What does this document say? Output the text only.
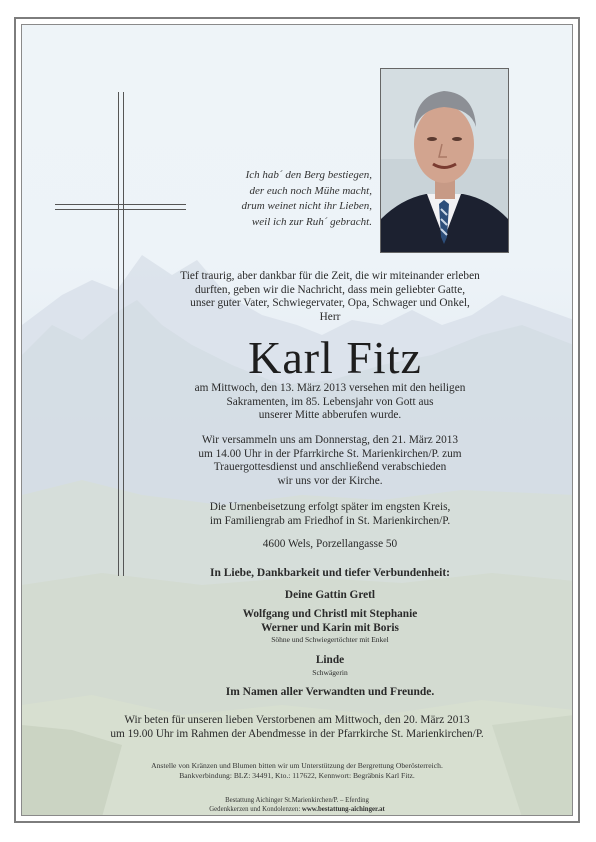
Ich hab´ den Berg bestiegen,
der euch noch Mühe macht,
drum weinet nicht ihr Lieben,
weil ich zur Ruh´ gebracht.
Tief traurig, aber dankbar für die Zeit, die wir miteinander erleben
durften, geben wir die Nachricht, dass mein geliebter Gatte,
unser guter Vater, Schwiegervater, Opa, Schwager und Onkel,
Herr
Karl Fitz
am Mittwoch, den 13. März 2013 versehen mit den heiligen
Sakramenten, im 85. Lebensjahr von Gott aus
unserer Mitte abberufen wurde.
Wir versammeln uns am Donnerstag, den 21. März 2013
um 14.00 Uhr in der Pfarrkirche St. Marienkirchen/P. zum
Trauergottesdienst und anschließend verabschieden
wir uns vor der Kirche.
Die Urnenbeisetzung erfolgt später im engsten Kreis,
im Familiengrab am Friedhof in St. Marienkirchen/P.
4600 Wels, Porzellangasse 50
In Liebe, Dankbarkeit und tiefer Verbundenheit:
Deine Gattin Gretl
Wolfgang und Christl mit Stephanie
Werner und Karin mit Boris
Söhne und Schwiegertöchter mit Enkel
Linde
Schwägerin
Im Namen aller Verwandten und Freunde.
Wir beten für unseren lieben Verstorbenen am Mittwoch, den 20. März 2013
um 19.00 Uhr im Rahmen der Abendmesse in der Pfarrkirche St. Marienkirchen/P.
Anstelle von Kränzen und Blumen bitten wir um Unterstützung der Bergrettung Oberösterreich.
Bankverbindung: BLZ: 34491, Kto.: 117622, Kennwort: Begräbnis Karl Fitz.
Bestattung Aichinger St.Marienkirchen/P. – Eferding
Gedenkkerzen und Kondolenzen: www.bestattung-aichinger.at
